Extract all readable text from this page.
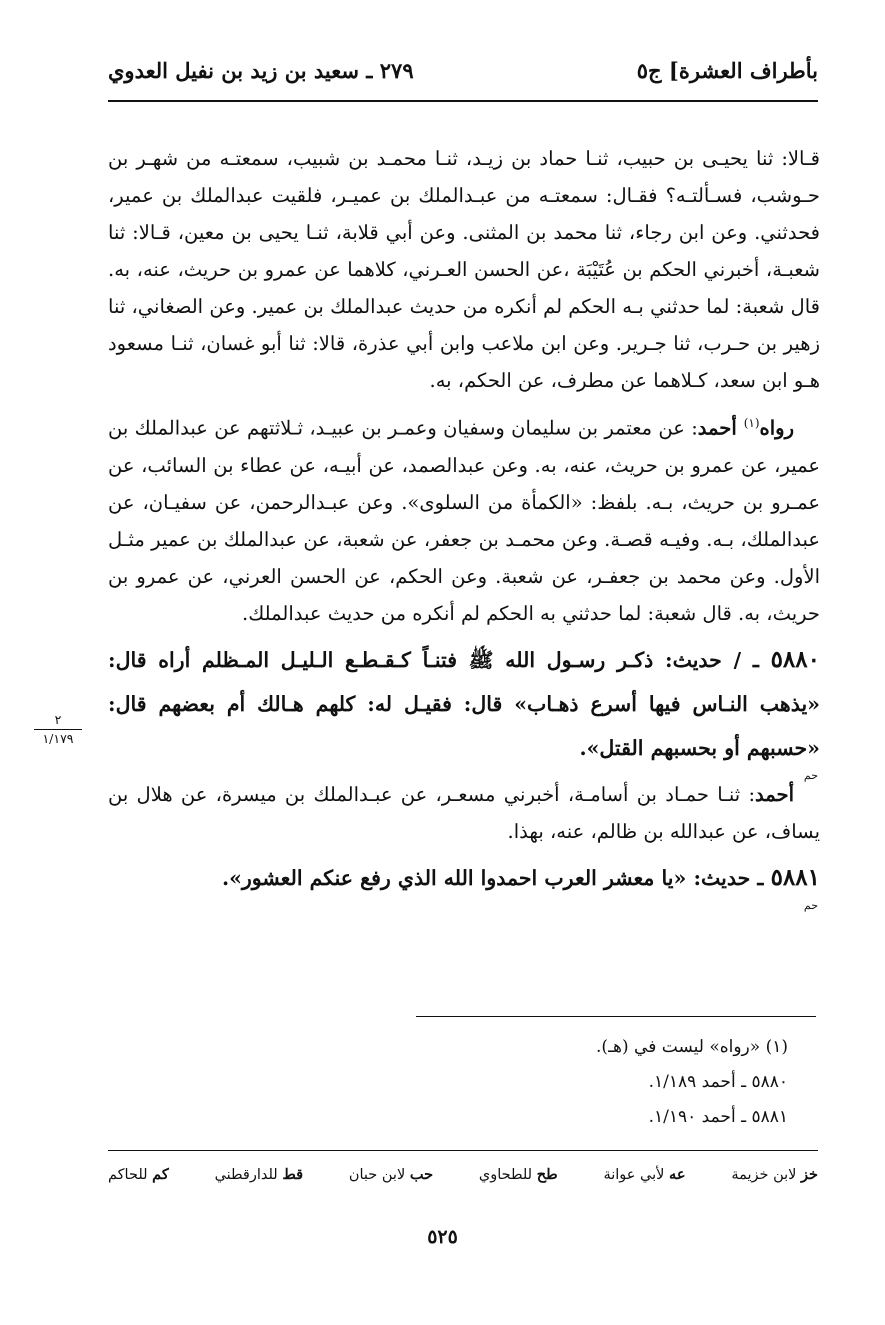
بأطراف العشرة] ج٥
٢٧٩ ـ سعيد بن زيد بن نفيل العدوي

قـالا: ثنا يحيـى بن حبيب، ثنـا حماد بن زيـد، ثنـا محمـد بن شبيب، سمعتـه من شهـر بن حـوشب، فسـألتـه؟ فقـال: سمعتـه من عبـدالملك بن عميـر، فلقيت عبدالملك بن عمير، فحدثني. وعن ابن رجاء، ثنا محمد بن المثنى. وعن أبي قلابة، ثنـا يحيى بن معين، قـالا: ثنا شعبـة، أخبرني الحكم بن عُتَيْبَة ،عن الحسن العـرني، كلاهما عن عمرو بن حريث، عنه، به. قال شعبة: لما حدثني بـه الحكم لم أنكره من حديث عبدالملك بن عمير. وعن الصغاني، ثنا زهير بن حـرب، ثنا جـرير. وعن ابن ملاعب وابن أبي عذرة، قالا: ثنا أبو غسان، ثنـا مسعود هـو ابن سعد، كـلاهما عن مطرف، عن الحكم، به.

رواه$^{(١)}$ أحمد: عن معتمر بن سليمان وسفيان وعمـر بن عبيـد، ثـلاثتهم عن عبدالملك بن عمير، عن عمرو بن حريث، عنه، به. وعن عبدالصمد، عن أبيـه، عن عطاء بن السائب، عن عمـرو بن حريث، بـه. بلفظ: «الكمأة من السلوى». وعن عبـدالرحمن، عن سفيـان، عن عبدالملك، بـه. وفيـه قصـة. وعن محمـد بن جعفر، عن شعبة، عن عبدالملك بن عمير مثـل الأول. وعن محمد بن جعفـر، عن شعبة. وعن الحكم، عن الحسن العرني، عن عمرو بن حريث، به. قال شعبة: لما حدثني به الحكم لم أنكره من حديث عبدالملك.

٥٨٨٠ ـ / حديث: ذكـر رسـول الله ﷺ فتنـاً كـقـطـع الـليـل المـظلم أراه قال: «يذهب النـاس فيها أسرع ذهـاب» قال: فقيـل له: كلهم هـالك أم بعضهم قال: «حسبهم أو بحسبهم القتل».
حم

أحمد: ثنـا حمـاد بن أسامـة، أخبرني مسعـر، عن عبـدالملك بن ميسرة، عن هلال بن يساف، عن عبدالله بن ظالم، عنه، بهذا.

٥٨٨١ ـ حديث: «يا معشر العرب احمدوا الله الذي رفع عنكم العشور».
حم
٢
١/١٧٩
(١) «رواه» ليست في (هـ).
٥٨٨٠ ـ أحمد ١/١٨٩.
٥٨٨١ ـ أحمد ١/١٩٠.
خز لابن خزيمة
عه لأبي عوانة
طح للطحاوي
حب لابن حبان
قط للدارقطني
كم للحاكم
٥٢٥
